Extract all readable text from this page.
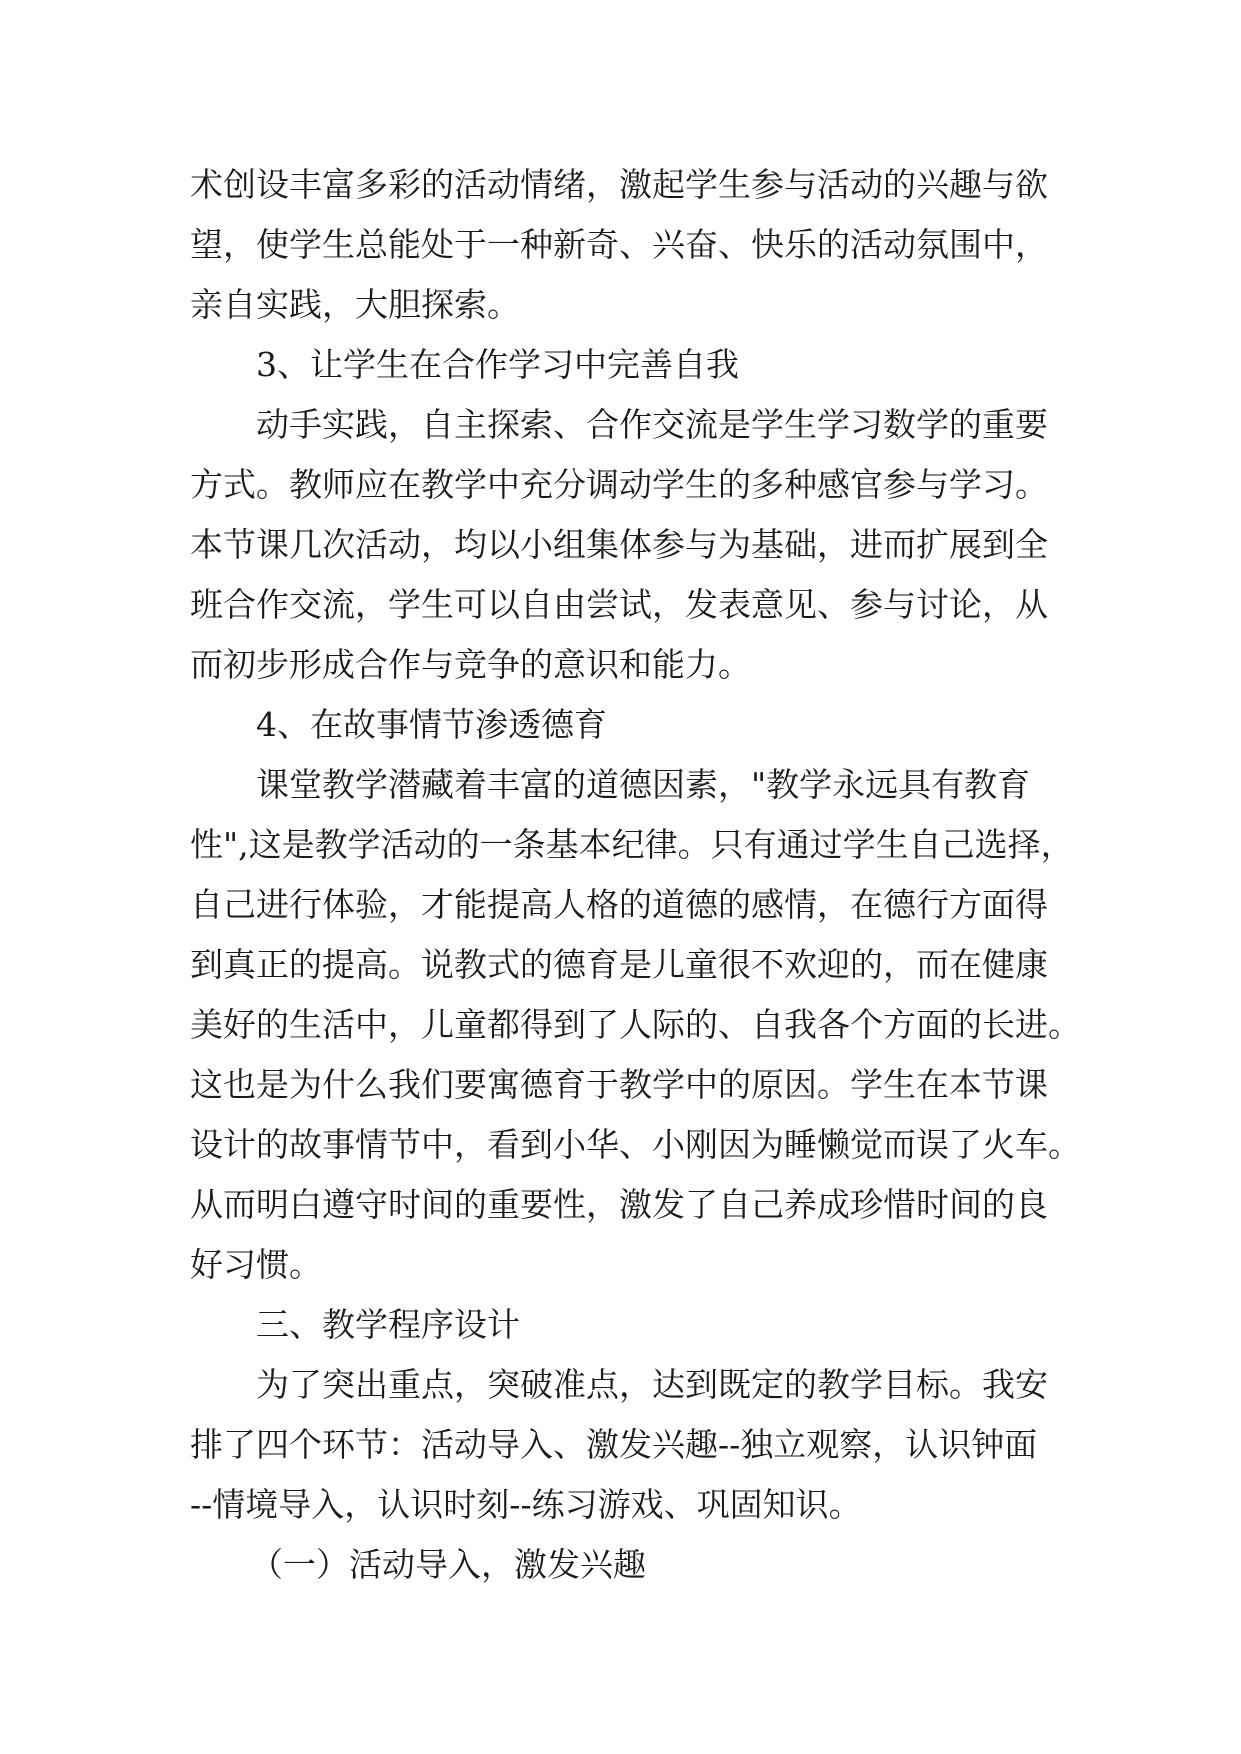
术创设丰富多彩的活动情绪，激起学生参与活动的兴趣与欲
望，使学生总能处于一种新奇、兴奋、快乐的活动氛围中，
亲自实践，大胆探索。
3、让学生在合作学习中完善自我
动手实践，自主探索、合作交流是学生学习数学的重要
方式。教师应在教学中充分调动学生的多种感官参与学习。
本节课几次活动，均以小组集体参与为基础，进而扩展到全
班合作交流，学生可以自由尝试，发表意见、参与讨论，从
而初步形成合作与竞争的意识和能力。
4、在故事情节渗透德育
课堂教学潜藏着丰富的道德因素，"教学永远具有教育
性",这是教学活动的一条基本纪律。只有通过学生自己选择，
自己进行体验，才能提高人格的道德的感情，在德行方面得
到真正的提高。说教式的德育是儿童很不欢迎的，而在健康
美好的生活中，儿童都得到了人际的、自我各个方面的长进。
这也是为什么我们要寓德育于教学中的原因。学生在本节课
设计的故事情节中，看到小华、小刚因为睡懒觉而误了火车。
从而明白遵守时间的重要性，激发了自己养成珍惜时间的良
好习惯。
三、教学程序设计
为了突出重点，突破准点，达到既定的教学目标。我安
排了四个环节：活动导入、激发兴趣--独立观察，认识钟面
--情境导入，认识时刻--练习游戏、巩固知识。
（一）活动导入，激发兴趣
